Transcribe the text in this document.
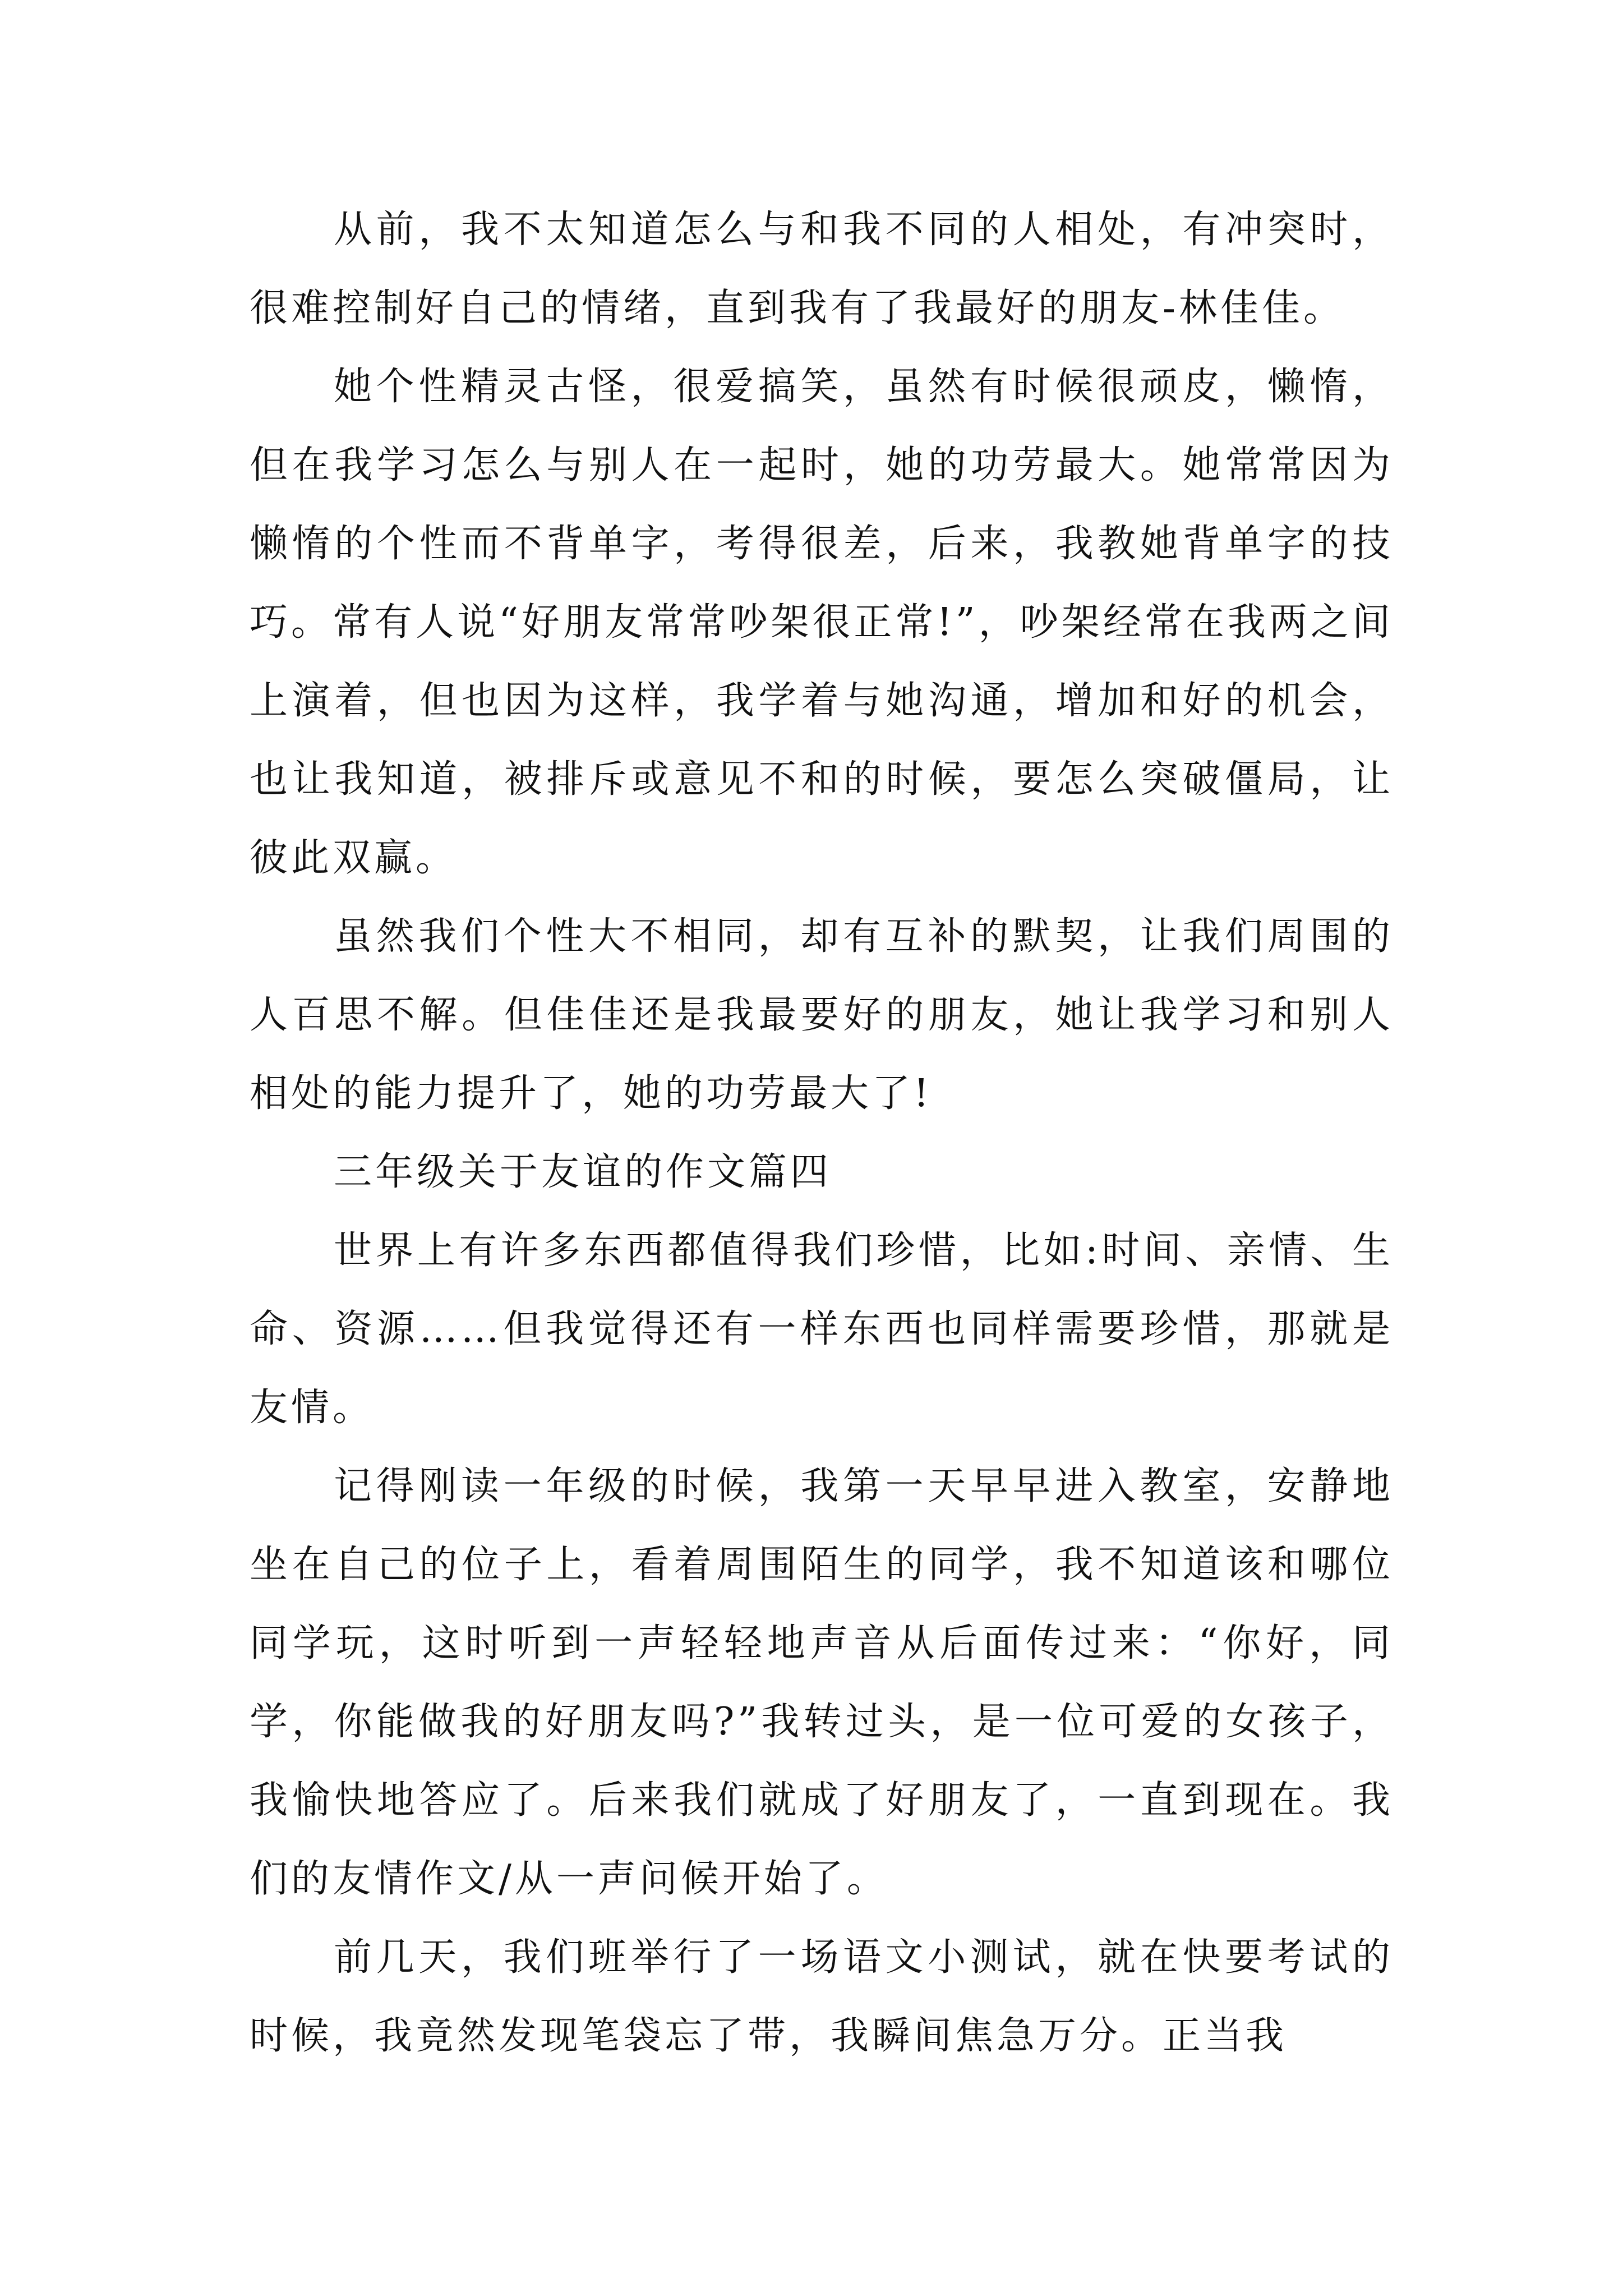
从前，我不太知道怎么与和我不同的人相处，有冲突时，很难控制好自己的情绪，直到我有了我最好的朋友-林佳佳。

她个性精灵古怪，很爱搞笑，虽然有时候很顽皮，懒惰，但在我学习怎么与别人在一起时，她的功劳最大。她常常因为懒惰的个性而不背单字，考得很差，后来，我教她背单字的技巧。常有人说“好朋友常常吵架很正常!”，吵架经常在我两之间上演着，但也因为这样，我学着与她沟通，增加和好的机会，也让我知道，被排斥或意见不和的时候，要怎么突破僵局，让彼此双赢。

虽然我们个性大不相同，却有互补的默契，让我们周围的人百思不解。但佳佳还是我最要好的朋友，她让我学习和别人相处的能力提升了，她的功劳最大了!

三年级关于友谊的作文篇四

世界上有许多东西都值得我们珍惜，比如:时间、亲情、生命、资源……但我觉得还有一样东西也同样需要珍惜，那就是友情。

记得刚读一年级的时候，我第一天早早进入教室，安静地坐在自己的位子上，看着周围陌生的同学，我不知道该和哪位同学玩，这时听到一声轻轻地声音从后面传过来：“你好，同学，你能做我的好朋友吗?”我转过头，是一位可爱的女孩子，我愉快地答应了。后来我们就成了好朋友了，一直到现在。我们的友情作文/从一声问候开始了。

前几天，我们班举行了一场语文小测试，就在快要考试的时候，我竟然发现笔袋忘了带，我瞬间焦急万分。正当我
